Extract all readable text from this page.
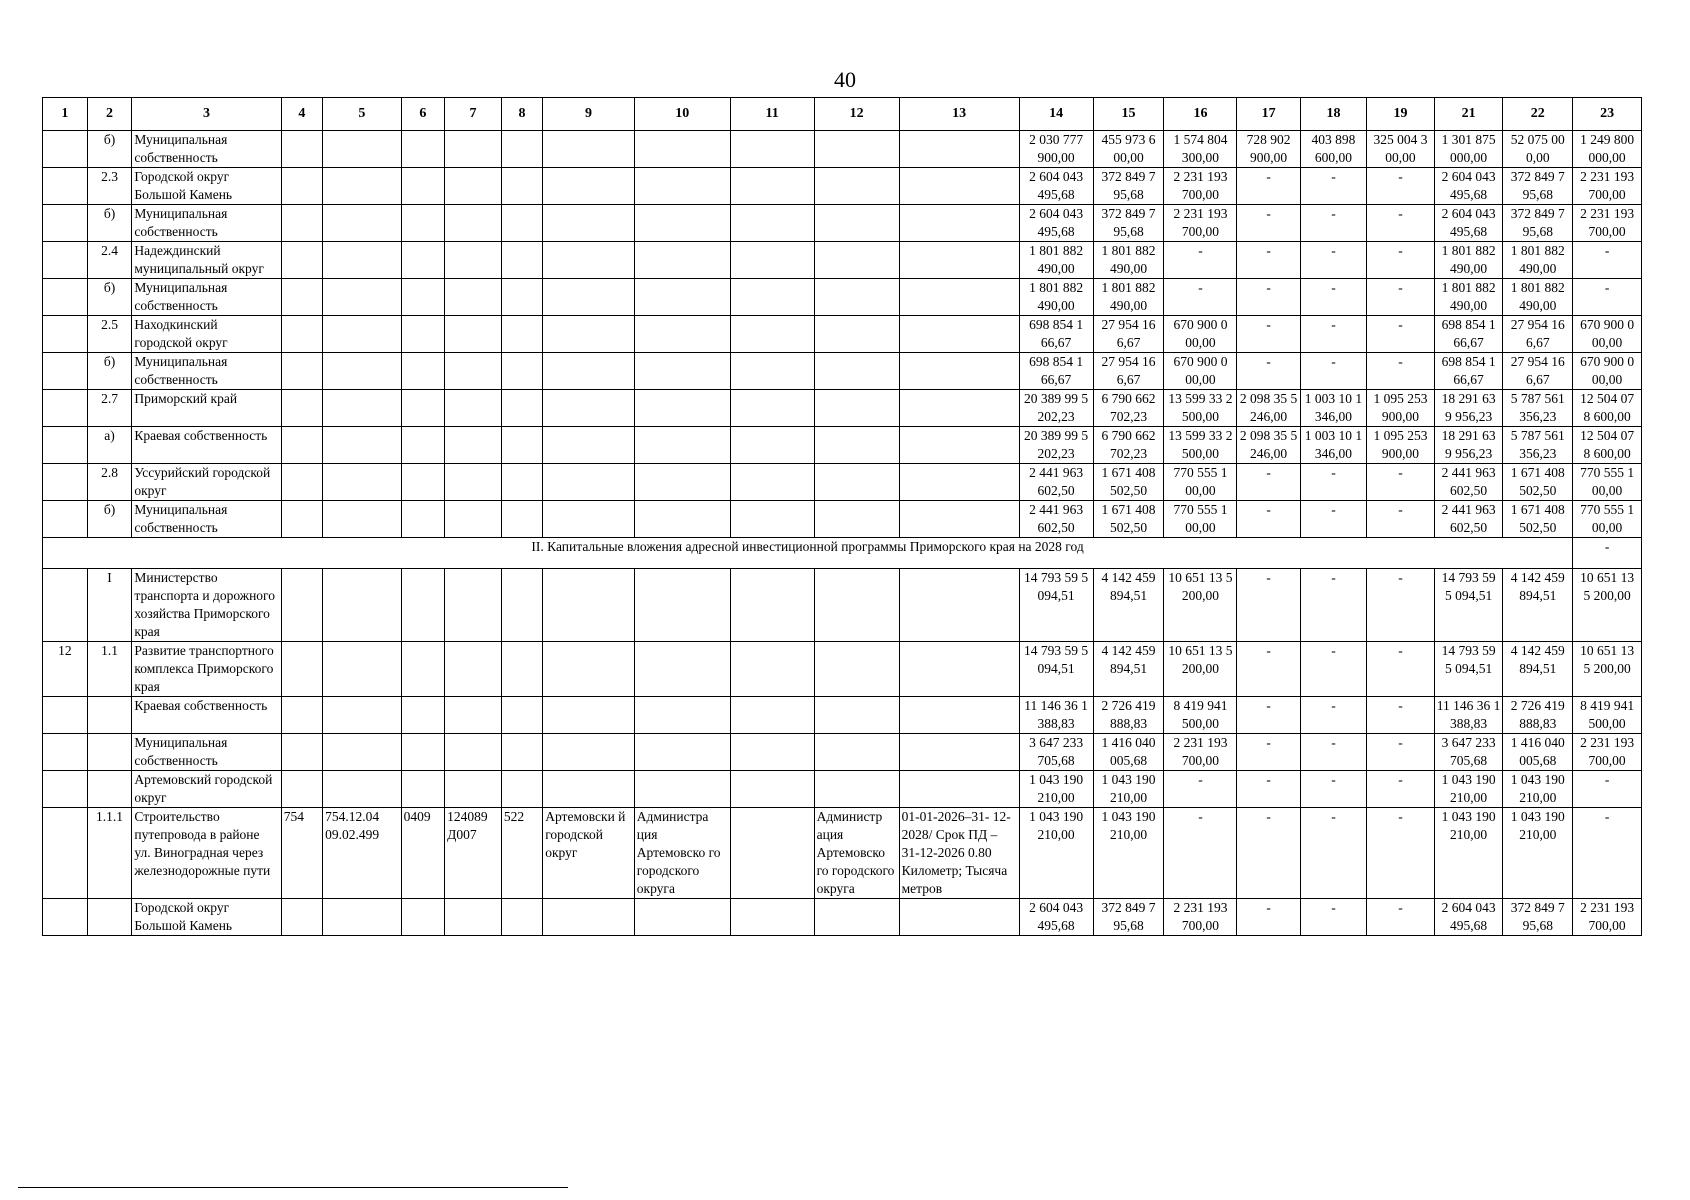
40
1	2	3	4	5	6	7	8	9	10	11	12	13	14	15	16	17	18	19	21	22	23
	б)	Муниципальная собственность											2 030 777 900,00	455 973 6 00,00	1 574 804 300,00	728 902 900,00	403 898 600,00	325 004 3 00,00	1 301 875 000,00	52 075 00 0,00	1 249 800 000,00
	2.3	Городской округ Большой Камень											2 604 043 495,68	372 849 7 95,68	2 231 193 700,00	-	-	-	2 604 043 495,68	372 849 7 95,68	2 231 193 700,00
	б)	Муниципальная собственность											2 604 043 495,68	372 849 7 95,68	2 231 193 700,00	-	-	-	2 604 043 495,68	372 849 7 95,68	2 231 193 700,00
	2.4	Надеждинский муниципальный округ											1 801 882 490,00	1 801 882 490,00	-	-	-	-	1 801 882 490,00	1 801 882 490,00	-
	б)	Муниципальная собственность											1 801 882 490,00	1 801 882 490,00	-	-	-	-	1 801 882 490,00	1 801 882 490,00	-
	2.5	Находкинский городской округ											698 854 1 66,67	27 954 16 6,67	670 900 0 00,00	-	-	-	698 854 1 66,67	27 954 16 6,67	670 900 0 00,00
	б)	Муниципальная собственность											698 854 1 66,67	27 954 16 6,67	670 900 0 00,00	-	-	-	698 854 1 66,67	27 954 16 6,67	670 900 0 00,00
	2.7	Приморский край											20 389 99 5 202,23	6 790 662 702,23	13 599 33 2 500,00	2 098 35 5 246,00	1 003 10 1 346,00	1 095 253 900,00	18 291 63 9 956,23	5 787 561 356,23	12 504 07 8 600,00
	а)	Краевая собственность											20 389 99 5 202,23	6 790 662 702,23	13 599 33 2 500,00	2 098 35 5 246,00	1 003 10 1 346,00	1 095 253 900,00	18 291 63 9 956,23	5 787 561 356,23	12 504 07 8 600,00
	2.8	Уссурийский городской округ											2 441 963 602,50	1 671 408 502,50	770 555 1 00,00	-	-	-	2 441 963 602,50	1 671 408 502,50	770 555 1 00,00
	б)	Муниципальная собственность											2 441 963 602,50	1 671 408 502,50	770 555 1 00,00	-	-	-	2 441 963 602,50	1 671 408 502,50	770 555 1 00,00
II. Капитальные вложения адресной инвестиционной программы Приморского края на 2028 год																					-
	I	Министерство транспорта и дорожного хозяйства Приморского края											14 793 59 5 094,51	4 142 459 894,51	10 651 13 5 200,00	-	-	-	14 793 59 5 094,51	4 142 459 894,51	10 651 13 5 200,00
12	1.1	Развитие транспортного комплекса Приморского края											14 793 59 5 094,51	4 142 459 894,51	10 651 13 5 200,00	-	-	-	14 793 59 5 094,51	4 142 459 894,51	10 651 13 5 200,00
		Краевая собственность											11 146 36 1 388,83	2 726 419 888,83	8 419 941 500,00	-	-	-	11 146 36 1 388,83	2 726 419 888,83	8 419 941 500,00
		Муниципальная собственность											3 647 233 705,68	1 416 040 005,68	2 231 193 700,00	-	-	-	3 647 233 705,68	1 416 040 005,68	2 231 193 700,00
		Артемовский городской округ											1 043 190 210,00	1 043 190 210,00	-	-	-	-	1 043 190 210,00	1 043 190 210,00	-
	1.1.1	Строительство путепровода в районе ул. Виноградная через железнодорожные пути	754	754.12.04 09.02.499	0409	124089 Д007	522	Артемовски й городской округ	Администра ция Артемовско го городского округа		Администр ация Артемовско го городского округа	01-01-2026–31- 12-2028/ Срок ПД – 31-12-2026 0.80 Километр; Тысяча метров	1 043 190 210,00	1 043 190 210,00	-	-	-	-	1 043 190 210,00	1 043 190 210,00	-
		Городской округ Большой Камень											2 604 043 495,68	372 849 7 95,68	2 231 193 700,00	-	-	-	2 604 043 495,68	372 849 7 95,68	2 231 193 700,00
